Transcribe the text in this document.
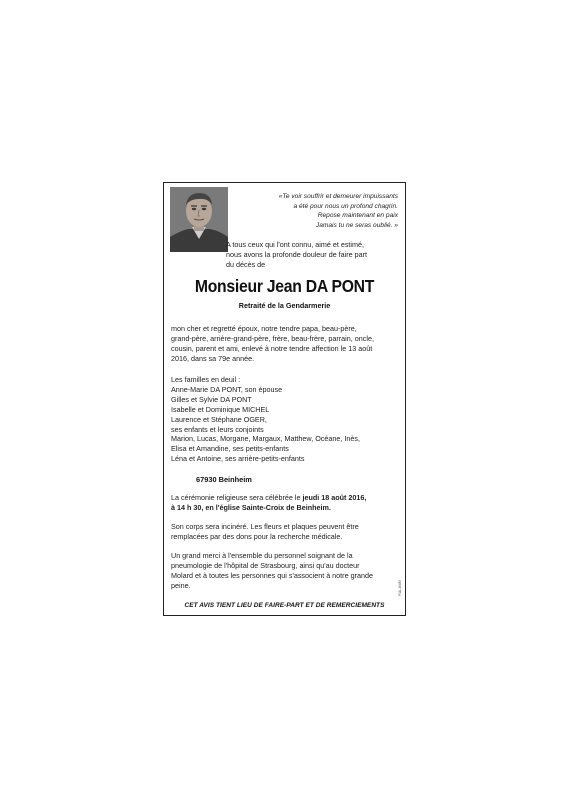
«Te voir souffrir et demeurer impuissants
a été pour nous un profond chagrin.
Repose maintenant en paix
Jamais tu ne seras oublié. »
A tous ceux qui l'ont connu, aimé et estimé,
nous avons la profonde douleur de faire part
du décès de
Monsieur Jean DA PONT
Retraité de la Gendarmerie
mon cher et regretté époux, notre tendre papa, beau-père,
grand-père, arrière-grand-père, frère, beau-frère, parrain, oncle,
cousin, parent et ami, enlevé à notre tendre affection le 13 août
2016, dans sa 79e année.
Les familles en deuil :
Anne-Marie DA PONT, son épouse
Gilles et Sylvie DA PONT
Isabelle et Dominique MICHEL
Laurence et Stéphane OGER,
ses enfants et leurs conjoints
Marion, Lucas, Morgane, Margaux, Matthew, Océane, Inès,
Elisa et Amandine, ses petits-enfants
Léna et Antoine, ses arrière-petits-enfants
67930 Beinheim
La cérémonie religieuse sera célébrée le jeudi 18 août 2016,
à 14 h 30, en l'église Sainte-Croix de Beinheim.
Son corps sera incinéré. Les fleurs et plaques peuvent être
remplacées par des dons pour la recherche médicale.
Un grand merci à l'ensemble du personnel soignant de la
pneumologie de l'hôpital de Strasbourg, ainsi qu'au docteur
Molard et à toutes les personnes qui s'associent à notre grande
peine.
CET AVIS TIENT LIEU DE FAIRE-PART ET DE REMERCIEMENTS
P11L16489
